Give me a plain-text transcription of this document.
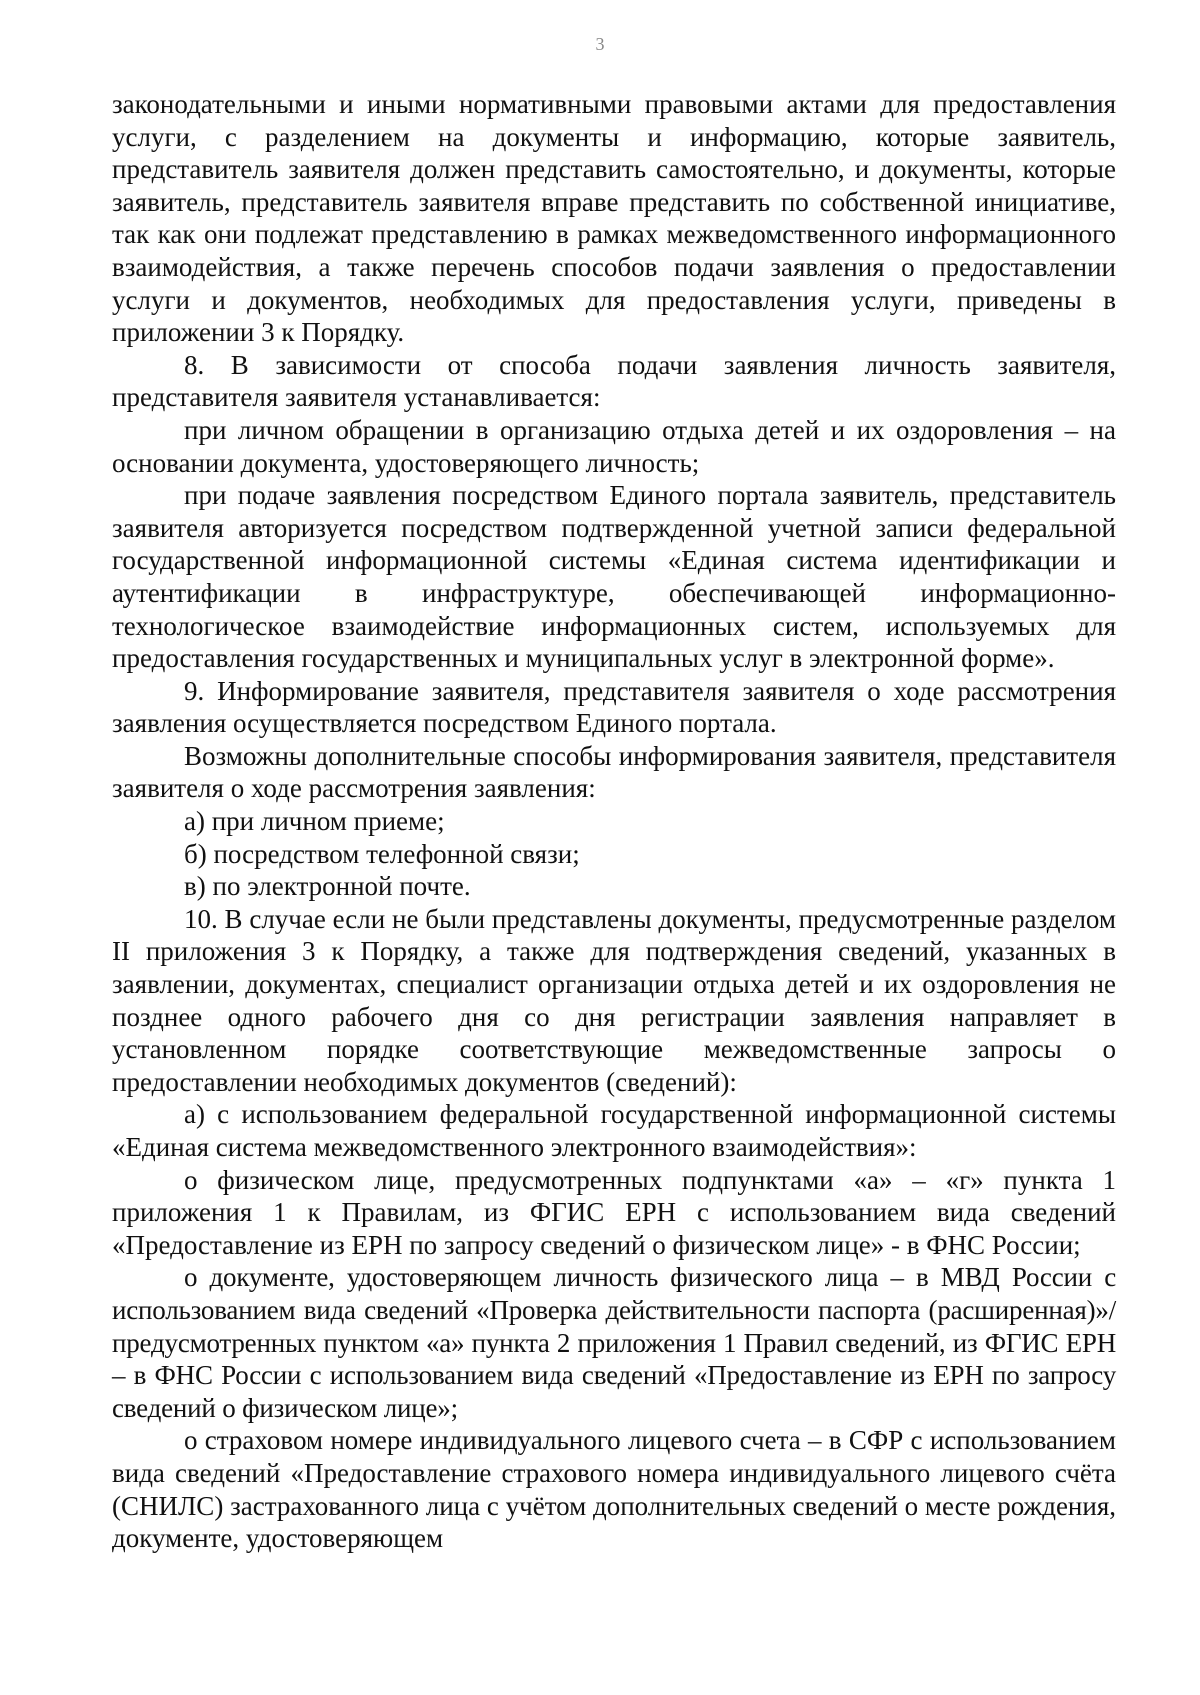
3

законодательными и иными нормативными правовыми актами для предоставления услуги, с разделением на документы и информацию, которые заявитель, представитель заявителя должен представить самостоятельно, и документы, которые заявитель, представитель заявителя вправе представить по собственной инициативе, так как они подлежат представлению в рамках межведомственного информационного взаимодействия, а также перечень способов подачи заявления о предоставлении услуги и документов, необходимых для предоставления услуги, приведены в приложении 3 к Порядку.

8. В зависимости от способа подачи заявления личность заявителя, представителя заявителя устанавливается:

при личном обращении в организацию отдыха детей и их оздоровления – на основании документа, удостоверяющего личность;

при подаче заявления посредством Единого портала заявитель, представитель заявителя авторизуется посредством подтвержденной учетной записи федеральной государственной информационной системы «Единая система идентификации и аутентификации в инфраструктуре, обеспечивающей информационно-технологическое взаимодействие информационных систем, используемых для предоставления государственных и муниципальных услуг в электронной форме».

9. Информирование заявителя, представителя заявителя о ходе рассмотрения заявления осуществляется посредством Единого портала.

Возможны дополнительные способы информирования заявителя, представителя заявителя о ходе рассмотрения заявления:

а) при личном приеме;

б) посредством телефонной связи;

в) по электронной почте.

10. В случае если не были представлены документы, предусмотренные разделом II приложения 3 к Порядку, а также для подтверждения сведений, указанных в заявлении, документах, специалист организации отдыха детей и их оздоровления не позднее одного рабочего дня со дня регистрации заявления направляет в установленном порядке соответствующие межведомственные запросы о предоставлении необходимых документов (сведений):

а) с использованием федеральной государственной информационной системы «Единая система межведомственного электронного взаимодействия»:

о физическом лице, предусмотренных подпунктами «а» – «г» пункта 1 приложения 1 к Правилам, из ФГИС ЕРН с использованием вида сведений «Предоставление из ЕРН по запросу сведений о физическом лице» - в ФНС России;

о документе, удостоверяющем личность физического лица – в МВД России с использованием вида сведений «Проверка действительности паспорта (расширенная)»/предусмотренных пунктом «а» пункта 2 приложения 1 Правил сведений, из ФГИС ЕРН – в ФНС России с использованием вида сведений «Предоставление из ЕРН по запросу сведений о физическом лице»;

о страховом номере индивидуального лицевого счета – в СФР с использованием вида сведений «Предоставление страхового номера индивидуального лицевого счёта (СНИЛС) застрахованного лица с учётом дополнительных сведений о месте рождения, документе, удостоверяющем
